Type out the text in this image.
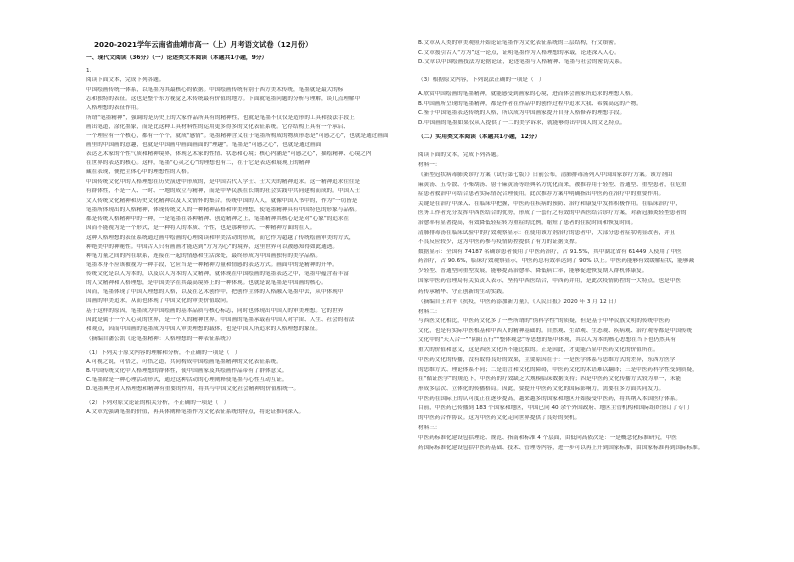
2020-2021学年云南省曲靖市高一（上）月考语文试卷（12月份）
一、现代文阅读（36分）（一）论述类文本阅读（本题共1小题，9分）
1.
阅读下面文本，完成下列各题。
中国绘画传统一体系，以笔墨为其最核心的依据。中国绘画传统有别于西方美术传统，笔墨就是最大的标
志和独特的表征。这也是整个东方视觉艺术传统最有价值的地方。下面就笔墨问题的分析与理解，谈几点理解中
人格理想的表征作用。
所谓“笔墨精神”，强调的是历史上的大家作品所具有的精神性，也就是笔墨不仅仅是造形的工具和技法手段上
画出笔道，涂化墨象，而是比这种工具材料性的运用更多得多的文化表征系统。它存结构上具有一个承启、
一个理应有一个核心，都有一个个，就成“感情”。笔墨精神含义在于笔墨所构成的物质形态是“可感之心”，也就是通过画面
画里的中国画的意趣，也就是中国画中画面画面的“理趣”。笔墨是“可感之心”，也就是通过画面
表达艺术家的个性气质和精神境界，体现艺术家的性情、状态和心境；核心内涵是“可感之心”，描绘精神、心境之内
在世界的表达的核心。这样，笔墨“心灵之心”的理想也有二，在于它是表达和展现上的精神
藏在表现，便把主体心中的理想性的人格。
中国传统文化中的人格理想在历史演进中形成的，是中国古代人学士、士大夫的精神追求。这一精神追求往往是
有群体性，不是一人、一时、一地的成立与精神，而是中华民族在长期的社会实践中共同建构而成的。中国人士
文人传统文化精神和历史文化精神以及人文情怀的集合。传统中国的人人，就像中国人书中的，作为“一切皆是
笔墨所体现出的人格精神，体现传统文人的一种精神品格和审美理想，使笔墨精神具有中国特色的形象与品格。
都是传统人格精神中的一种，一是笔墨在各种精神、创造精神之上，笔墨精神其核心是是对“心象”的追求在
因而不能视为是一个形式，是一种将人的本质、个性，也是那种形式、一种精神方面的在人。
这种人格理想的表征系统通过画中绘画的心理阅读和审美活动的形成，而它作为超越了传统绘画审美的方式，
种绝美中的神秘性。中国古人只有画画才能达到“方为为心”的境界，这里世界可以被感知得如此通透。
种笔力量之间的内在联系，连接在一起的情感和生活深处，最终形成为中国画独有的美学品格。
笔墨本身不应该被视为一种手段，它应当是一种精神力量和情感的表达方式。画面中的是精神的升华。
传统文化是以人为本的，以及以人为本的人文精神，就体现在中国绘画的笔墨表达之中，笔墨中蕴含着丰富
的人文精神和人格理想，是中国美学在其最高境界上的一种体现。也就是说笔墨是中国画的核心。
因而，笔墨体现了中国人理想的人格，以及在艺术创作中，把创作主体的人格融入笔墨中去，从中体现中
国画的审美追求，从而也体现了中国文化的审美价值取向。
基于这样的原因，笔墨成为中国绘画的基本品质与核心标志，同时也体现出中国人的审美理想。它的世界
因此是属于一个人心灵的世界，是一个人的精神世界。中国画的笔墨承载着中国人对宇宙、人生、社会的看法
和观点，因而中国画的笔墨成为中国人审美理想的载体，也是中国人所追求的人格理想的象征。
（摘编自潘公凯《论笔墨精神：人格理想的一种表征系统》）
（1）下列关于原文内容的理解和分析，不正确的一项是（　）
A.可视之说，可悟之，可悟之道，共同构成中国绘画笔墨精神的文化表征系统。
B.中国传统文化中人格理想的群体性，使中国画家及其绘画作品带有了群体意义。
C.笔墨除是一种心理活动形式，通过这种活动的心理阐释使笔墨与心性互动互证。
D.笔墨典型对人格理想和精神有重要的作用，将其与中国文化社会精神的价值相统一。
（2）下列对原文论证的相关分析，不正确的一项是（　）
A.文章先强调笔墨的价值，再具体阐释笔墨作为文化表征系统的特点，将论证推向深入。
B.文章从人类的审美观照开始论证笔墨作为文化表征系统的三层结构，行文缜密。
C.文章援引古人“方为”这一论点，证明笔墨作为人格理想的承载，论述深入人心。
D.文章以中国绘画技法为论据论证，论述笔墨与人格精神、笔墨与社会的密切关系。
（3）根据原文内容，下列说法正确的一项是（　）
A.欣赏中国绘画的笔墨精神，就能感受到画家的心境，进而体会画家所追求的理想人格。
B.中国画所呈现的笔墨精神，都是作者在作品中的创作过程中追求大我、希冀高远的产物。
C.鉴于中国笔墨表达传统的人格，所以成为中国画家提升自身人格修养的理想手段。
D.中国画的笔墨如果仅从人提供了一二的美学诉求，就能够得出中国人的文艺特点。
（二）实用类文本阅读（本题共1小题，12分）
阅读下面的文本，完成下列各题。
材料一：
《新型冠状病毒肺炎诊疗方案（试行第七版）》日前公布，清肺排毒汤列入中国国家诊疗方案。该方剂由
麻黄汤、五苓散、小柴胡汤、射干麻黄汤等经典名方优化而来，被推荐用于轻型、普通型、重型患者，在危重
症患者救治中可结合患者实际情况合理使用。此次推荐方案中明确指出中医药在治疗中的重要作用。
关键是在治疗中深入、在临床中把握，中医药在疾病的预防、治疗和康复中发挥积极作用。在临床治疗中，
医务工作者充分发挥中西医结合的优势，形成了一套行之有效的中西医结合诊疗方案，对新冠肺炎轻型患者的
治愈率有显著提高，有效降低轻症转为重症的比例，缩短了患者的住院时间和恢复时间。
清肺排毒汤在临床试验中的疗效观察显示：在使用该方剂治疗的患者中，大部分患者症状明显改善，并且
不良反应较少，这为中医药参与疫情防控提供了有力的证据支撑。
数据显示：全国有 74187 名确诊患者使用了中医药治疗，占 91.5%，其中湖北省有 61449 人使用了中医
药治疗，占 90.6%，临床疗效观察显示，中医药总有效率达到了 90% 以上。中医药能够有效缓解症状，能够减
少轻型、普通型向重型发展，能够提高治愈率、降低病亡率，能够促进恢复期人群机体康复。
国家中医药管理局有关负责人表示，坚持中西医结合，中西药并用，是此次疫情防控的一大特点，也是中医
药传承精华、守正创新的生动实践。
（摘编自王君平《抗疫，中医药添加新力量》，《人民日报》2020 年 3 月 12 日）
材料二：
与西医文化相比，中医药文化多了一些所谓的“伪科学性”的质疑，但是基于中华民族文明的传统中医药
文化，也是有实际中医根基和中西人的精神基础的。自然观、生命观、生态观、疾病观、治疗观等都是中国传统
文化中的“天人合一”“阴阳五行”“整体观念”等思想的集中体现，其以人为本的核心思想在当下也仍然具有
重大的价值和意义，这是西医文化所不能比拟的。正是因此，才更能凸显中医药文化的价值所在。
中医药文化的传播，没有取得良好的效果，主要原因在于：一是医学体系与思维方式的差异，东西方医学
的思维方式、理论体系不同；二是语言和文化的障碍，中医药文化的术语难以翻译；三是中医药科学性受到质疑，
在“循证医学”的规范下，中医药的疗效缺乏大规模临床数据支持；四是中医药文化传播方式较为单一，未能
形成多层次、立体化的传播格局。因此，要提升中医药文化的国际影响力，需要在多方面共同发力。
中医药在国际上的认可度正在逐步提高，越来越多的国家和地区开始接受中医药，将其纳入本国医疗体系。
目前，中医药已传播到 183 个国家和地区，中国已同 40 余个外国政府、地区主管机构和国际组织签订了专门
的中医药合作协议。这为中医药文化走向世界提供了良好的契机。
材料三：
中医药标准化建设包括理论、规范、指南和标准 4 个层面，由低向高依次是：一是概念化标准研究，中医
药国际标准化建设包括中医药基础、技术、管理等内容，进一步可以再上升到国家标准，由国家标准再到国际标准。
